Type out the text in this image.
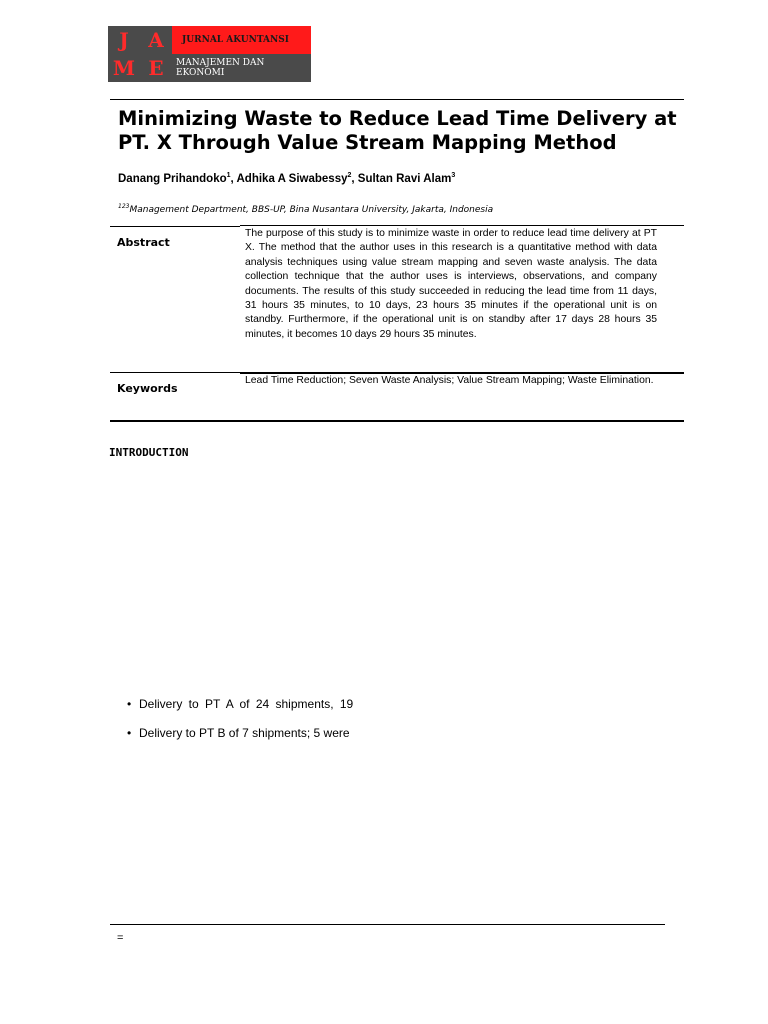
J A
M E
JURNAL AKUNTANSI
MANAJEMEN DAN EKONOMI
Minimizing Waste to Reduce Lead Time Delivery at PT. X Through Value Stream Mapping Method
Danang Prihandoko$^1$, Adhika A Siwabessy$^2$, Sultan Ravi Alam$^3$
$^{123}$Management Department, BBS-UP, Bina Nusantara University, Jakarta, Indonesia
Abstract

The purpose of this study is to minimize waste in order to reduce lead time delivery at PT X. The method that the author uses in this research is a quantitative method with data analysis techniques using value stream mapping and seven waste analysis. The data collection technique that the author uses is interviews, observations, and company documents. The results of this study succeeded in reducing the lead time from 11 days, 31 hours 35 minutes, to 10 days, 23 hours 35 minutes if the operational unit is on standby. Furthermore, if the operational unit is on standby after 17 days 28 hours 35 minutes, it becomes 10 days 29 hours 35 minutes.

Keywords
Lead Time Reduction; Seven Waste Analysis; Value Stream Mapping; Waste Elimination.
INTRODUCTION
• Delivery to PT A of 24 shipments, 19
• Delivery to PT B of 7 shipments; 5 were
=
